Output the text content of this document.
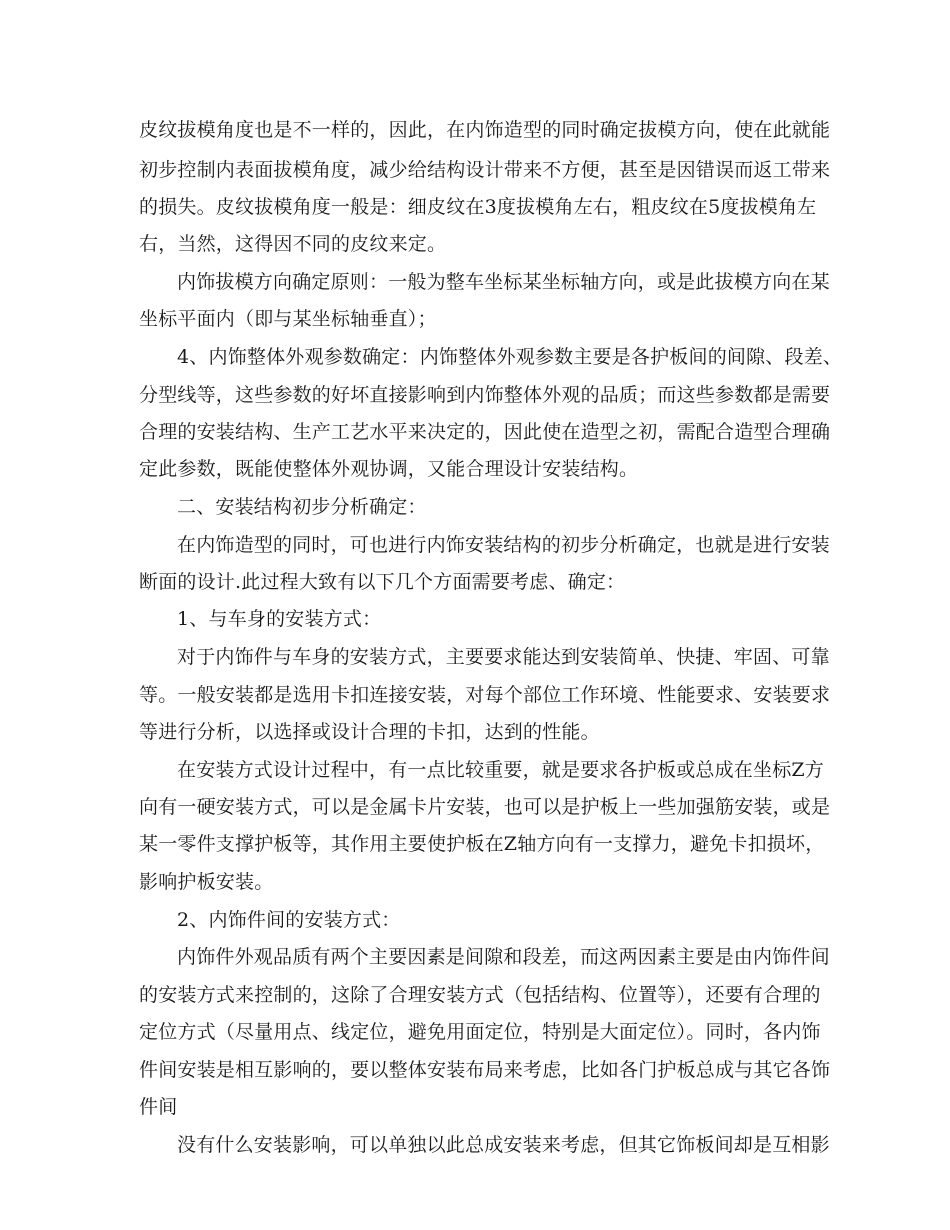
皮纹拔模角度也是不一样的，因此，在内饰造型的同时确定拔模方向，使在此就能

初步控制内表面拔模角度，减少给结构设计带来不方便，甚至是因错误而返工带来

的损失。皮纹拔模角度一般是：细皮纹在3度拔模角左右，粗皮纹在5度拔模角左

右，当然，这得因不同的皮纹来定。

内饰拔模方向确定原则：一般为整车坐标某坐标轴方向，或是此拔模方向在某

坐标平面内（即与某坐标轴垂直）；

4、内饰整体外观参数确定：内饰整体外观参数主要是各护板间的间隙、段差、

分型线等，这些参数的好坏直接影响到内饰整体外观的品质；而这些参数都是需要

合理的安装结构、生产工艺水平来决定的，因此使在造型之初，需配合造型合理确

定此参数，既能使整体外观协调，又能合理设计安装结构。

二、安装结构初步分析确定：

在内饰造型的同时，可也进行内饰安装结构的初步分析确定，也就是进行安装

断面的设计.此过程大致有以下几个方面需要考虑、确定：

1、与车身的安装方式：

对于内饰件与车身的安装方式，主要要求能达到安装简单、快捷、牢固、可靠

等。一般安装都是选用卡扣连接安装，对每个部位工作环境、性能要求、安装要求

等进行分析，以选择或设计合理的卡扣，达到的性能。

在安装方式设计过程中，有一点比较重要，就是要求各护板或总成在坐标Z方

向有一硬安装方式，可以是金属卡片安装，也可以是护板上一些加强筋安装，或是

某一零件支撑护板等，其作用主要使护板在Z轴方向有一支撑力，避免卡扣损坏，

影响护板安装。

2、内饰件间的安装方式：

内饰件外观品质有两个主要因素是间隙和段差，而这两因素主要是由内饰件间

的安装方式来控制的，这除了合理安装方式（包括结构、位置等），还要有合理的

定位方式（尽量用点、线定位，避免用面定位，特别是大面定位）。同时，各内饰

件间安装是相互影响的，要以整体安装布局来考虑，比如各门护板总成与其它各饰

件间

没有什么安装影响，可以单独以此总成安装来考虑，但其它饰板间却是互相影
